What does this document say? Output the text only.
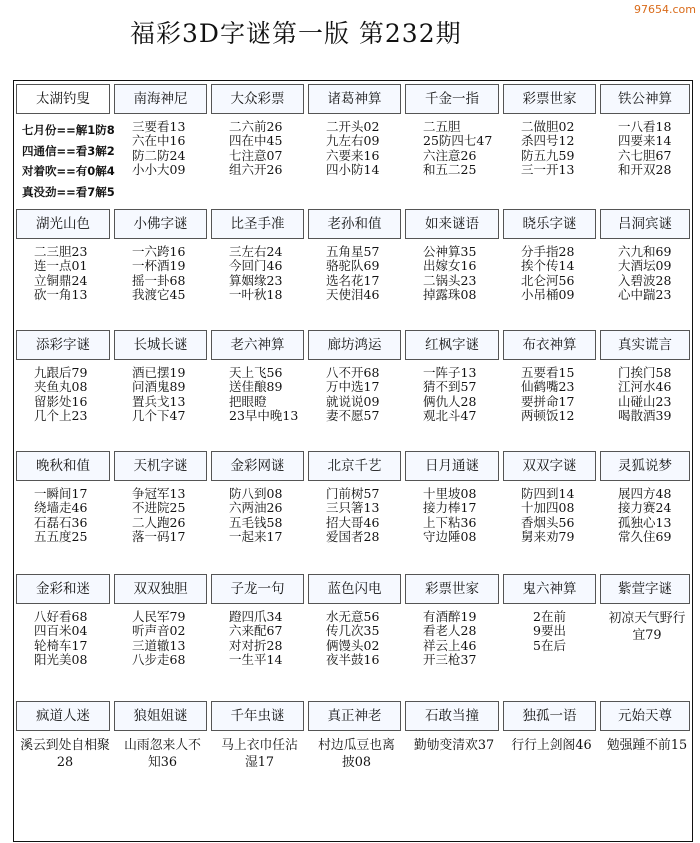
97654.com
福彩3D字谜第一版 第232期
太湖钓叟
七月份==解1防8
四通信==看3解2
对着吹==有0解4
真没劲==看7解5
南海神尼
三要看13
六在中16
防二防24
小小大09
大众彩票
二六前26
四在中45
七注意07
组六开26
诸葛神算
二开头02
九左右09
六要来16
四小防14
千金一指
二五胆
25防四七47
六注意26
和五二25
彩票世家
二做胆02
杀四号12
防五九59
三一开13
铁公神算
一八看18
四要来14
六七胆67
和开双28
湖光山色
二三胆23
连一点01
立铜鼎24
砍一角13
小佛字谜
一六跨16
一杯酒19
摇一卦68
我渡它45
比圣手准
三左右24
今回门46
算姻缘23
一叶秋18
老孙和值
五角星57
骆驼队69
选名花17
天使泪46
如来谜语
公神算35
出嫁女16
二锅头23
掉露珠08
晓乐字谜
分手指28
挨个传14
北仑河56
小吊桶09
吕洞宾谜
六九和69
大酒坛09
入碧波28
心中踹23
添彩字谜
九跟后79
夹鱼丸08
留影处16
几个上23
长城长谜
酒已摆19
问酒鬼89
置兵戈13
几个下47
老六神算
天上飞56
送佳酿89
把眼瞪
23早中晚13
廊坊鸿运
八不开68
万中选17
就说说09
妻不愿57
红枫字谜
一阵子13
猜不到57
俩仇人28
观北斗47
布衣神算
五要看15
仙鹤嘴23
要拼命17
两顿饭12
真实谎言
门挨门58
江河水46
山碰山23
喝散酒39
晚秋和值
一瞬间17
绕墙走46
石磊石36
五五度25
天机字谜
争冠军13
不进院25
二人跑26
落一码17
金彩网谜
防八到08
六两油26
五毛钱58
一起来17
北京千艺
门前树57
三只箸13
招大哥46
爱国者28
日月通谜
十里坡08
接力棒17
上下粘36
守边陲08
双双字谜
防四到14
十加四08
香烟头56
舅来劝79
灵狐说梦
展四方48
接力赛24
孤独心13
常久住69
金彩和迷
八好看68
四百米04
轮椅车17
阳光美08
双双独胆
人民军79
听声音02
三道辙13
八步走68
子龙一句
蹬四爪34
六来配67
对对折28
一生平14
蓝色闪电
水无意56
传几次35
俩馒头02
夜半鼓16
彩票世家
有酒醉19
看老人28
祥云上46
开三枪37
鬼六神算
2在前
9要出
5在后
紫萱字谜
初凉天气野行宜79
疯道人迷
溪云到处自相聚28
狼姐姐谜
山雨忽来人不知36
千年虫谜
马上衣巾任沾湿17
真正神老
村边瓜豆也离披08
石敢当撞
勤劬变清欢37
独孤一语
行行上剑阁46
元始天尊
勉强踵不前15
